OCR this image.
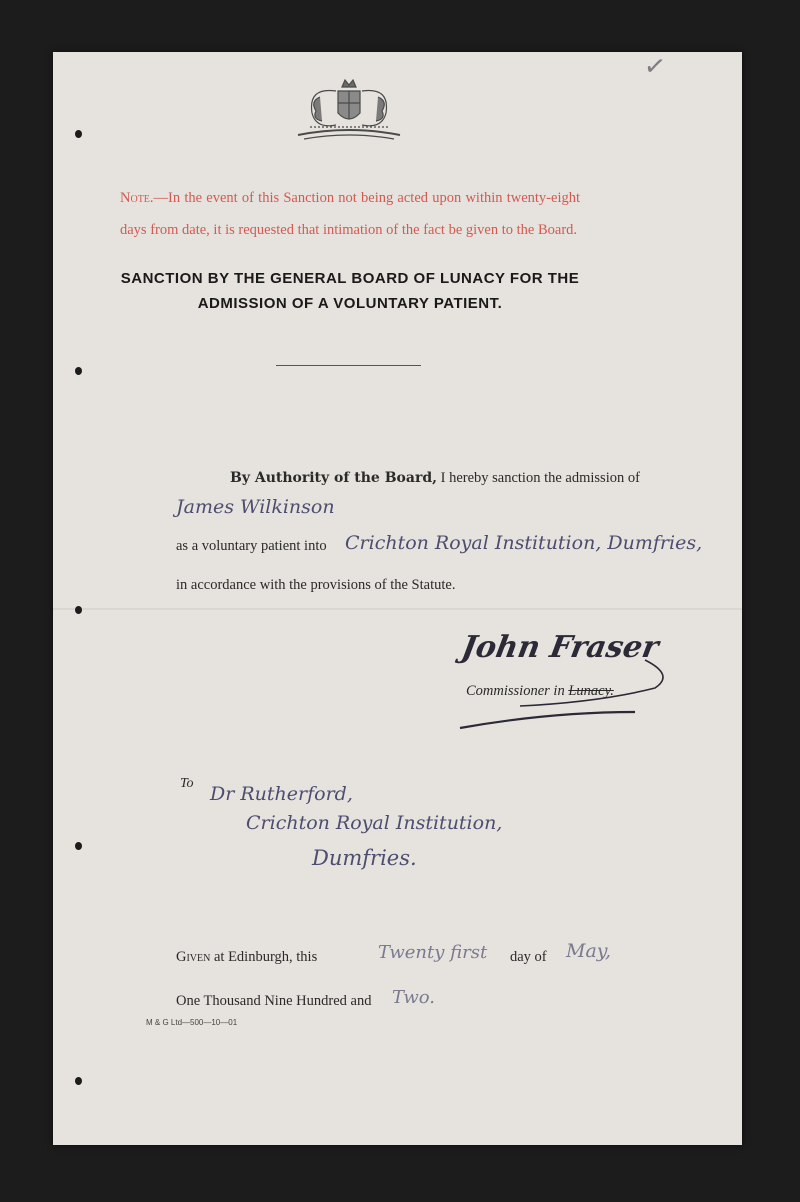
✓
Note.—In the event of this Sanction not being acted upon within twenty-eight days from date, it is requested that intimation of the fact be given to the Board.
SANCTION BY THE GENERAL BOARD OF LUNACY FOR THE
ADMISSION OF A VOLUNTARY PATIENT.
By Authority of the Board, I hereby sanction the admission of
James Wilkinson
as a voluntary patient into Crichton Royal Institution, Dumfries,
in accordance with the provisions of the Statute.
John Fraser
Commissioner in Lunacy.
To Dr Rutherford,
Crichton Royal Institution,
Dumfries.
Given at Edinburgh, this	Twenty first day of May,
One Thousand Nine Hundred and Two.
M & G Ltd—500—10—01
